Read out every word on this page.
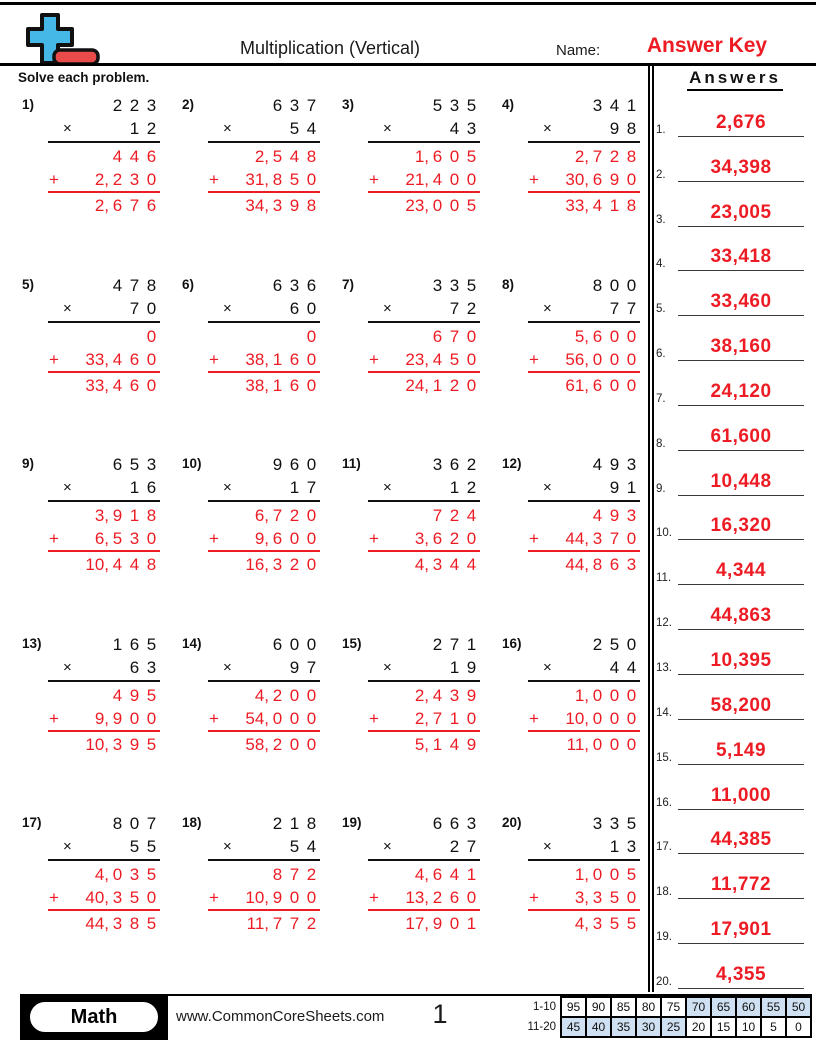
Multiplication (Vertical)	Name:	Answer Key
Solve each problem.	Answers
1.	2,676
2.	34,398
3.	23,005
4.	33,418
5.	33,460
6.	38,160
7.	24,120
8.	61,600
9.	10,448
10.	16,320
11.	4,344
12.	44,863
13.	10,395
14.	58,200
15.	5,149
16.	11,000
17.	44,385
18.	11,772
19.	17,901
20.	4,355
1)	2 2 3
×	1 2
4 4 6
+ 2, 2 3 0
2, 6 7 6
2)	6 3 7
×	5 4
2, 5 4 8
+ 31, 8 5 0
34, 3 9 8
3)	5 3 5
×	4 3
1, 6 0 5
+ 21, 4 0 0
23, 0 0 5
4)	3 4 1
×	9 8
2, 7 2 8
+ 30, 6 9 0
33, 4 1 8
5)	4 7 8
×	7 0
0
+ 33, 4 6 0
33, 4 6 0
6)	6 3 6
×	6 0
0
+ 38, 1 6 0
38, 1 6 0
7)	3 3 5
×	7 2
6 7 0
+ 23, 4 5 0
24, 1 2 0
8)	8 0 0
×	7 7
5, 6 0 0
+ 56, 0 0 0
61, 6 0 0
9)	6 5 3
×	1 6
3, 9 1 8
+ 6, 5 3 0
10, 4 4 8
10)	9 6 0
×	1 7
6, 7 2 0
+ 9, 6 0 0
16, 3 2 0
11)	3 6 2
×	1 2
7 2 4
+ 3, 6 2 0
4, 3 4 4
12)	4 9 3
×	9 1
4 9 3
+ 44, 3 7 0
44, 8 6 3
13)	1 6 5
×	6 3
4 9 5
+ 9, 9 0 0
10, 3 9 5
14)	6 0 0
×	9 7
4, 2 0 0
+ 54, 0 0 0
58, 2 0 0
15)	2 7 1
×	1 9
2, 4 3 9
+ 2, 7 1 0
5, 1 4 9
16)	2 5 0
×	4 4
1, 0 0 0
+ 10, 0 0 0
11, 0 0 0
17)	8 0 7
×	5 5
4, 0 3 5
+ 40, 3 5 0
44, 3 8 5
18)	2 1 8
×	5 4
8 7 2
+ 10, 9 0 0
11, 7 7 2
19)	6 6 3
×	2 7
4, 6 4 1
+ 13, 2 6 0
17, 9 0 1
20)	3 3 5
×	1 3
1, 0 0 5
+ 3, 3 5 0
4, 3 5 5
Math	www.CommonCoreSheets.com	1	1-10	95	90	85	80	75	70	65	60	55	50
11-20	45	40	35	30	25	20	15	10	5	0
